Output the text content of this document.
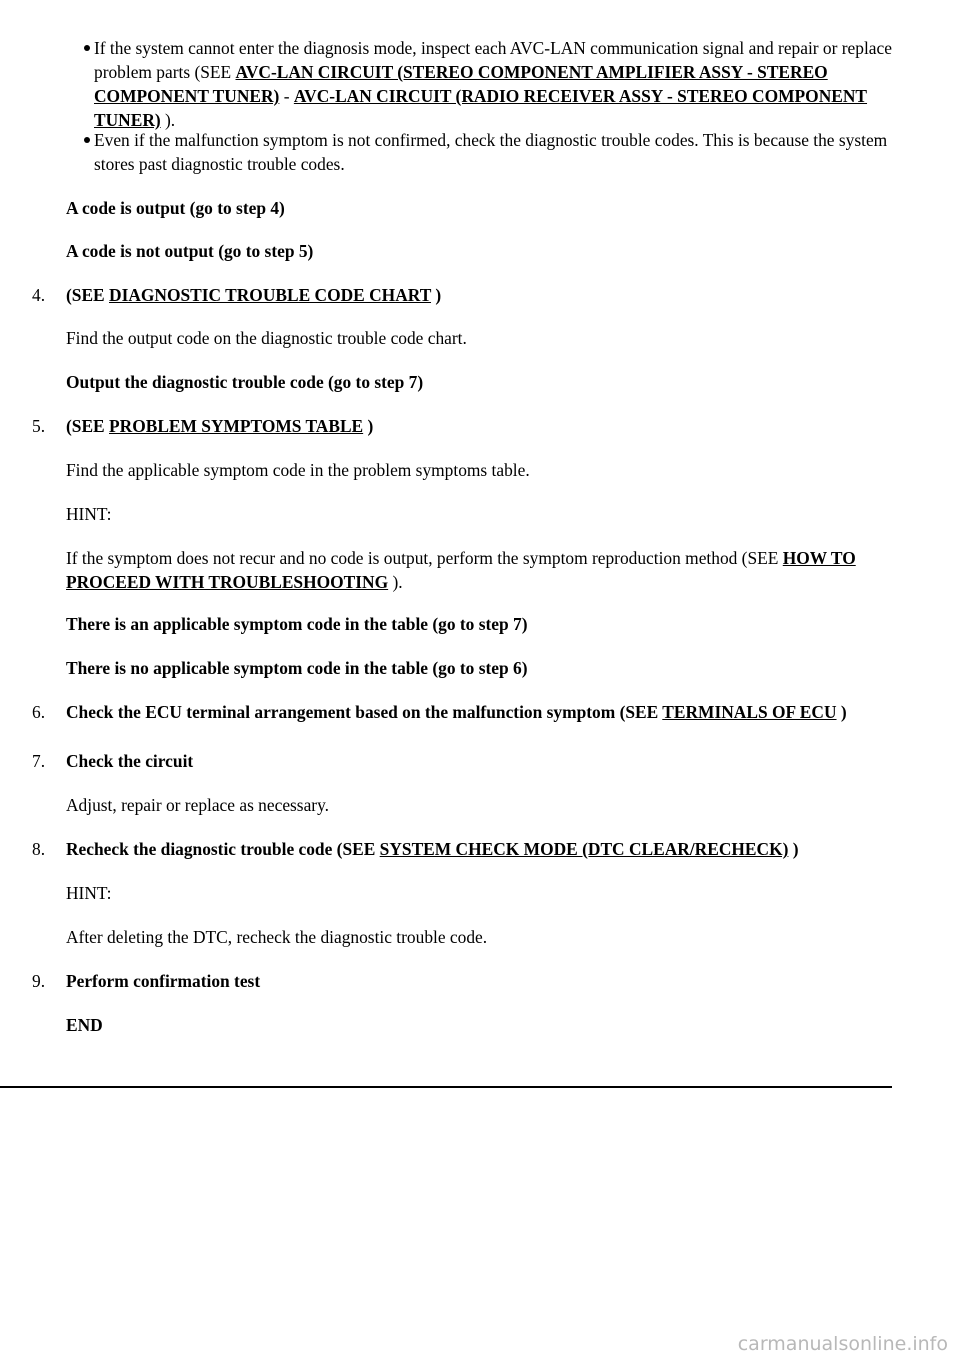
If the system cannot enter the diagnosis mode, inspect each AVC-LAN communication signal and repair or replace problem parts (SEE AVC-LAN CIRCUIT (STEREO COMPONENT AMPLIFIER ASSY - STEREO COMPONENT TUNER) - AVC-LAN CIRCUIT (RADIO RECEIVER ASSY - STEREO COMPONENT TUNER) ).
Even if the malfunction symptom is not confirmed, check the diagnostic trouble codes. This is because the system stores past diagnostic trouble codes.
A code is output (go to step 4)
A code is not output (go to step 5)
4.	(SEE DIAGNOSTIC TROUBLE CODE CHART )
Find the output code on the diagnostic trouble code chart.
Output the diagnostic trouble code (go to step 7)
5.	(SEE PROBLEM SYMPTOMS TABLE )
Find the applicable symptom code in the problem symptoms table.
HINT:
If the symptom does not recur and no code is output, perform the symptom reproduction method (SEE HOW TO PROCEED WITH TROUBLESHOOTING ).
There is an applicable symptom code in the table (go to step 7)
There is no applicable symptom code in the table (go to step 6)
6.	Check the ECU terminal arrangement based on the malfunction symptom (SEE TERMINALS OF ECU )
7.	Check the circuit
Adjust, repair or replace as necessary.
8.	Recheck the diagnostic trouble code (SEE SYSTEM CHECK MODE (DTC CLEAR/RECHECK) )
HINT:
After deleting the DTC, recheck the diagnostic trouble code.
9.	Perform confirmation test
END
carmanualsonline.info
